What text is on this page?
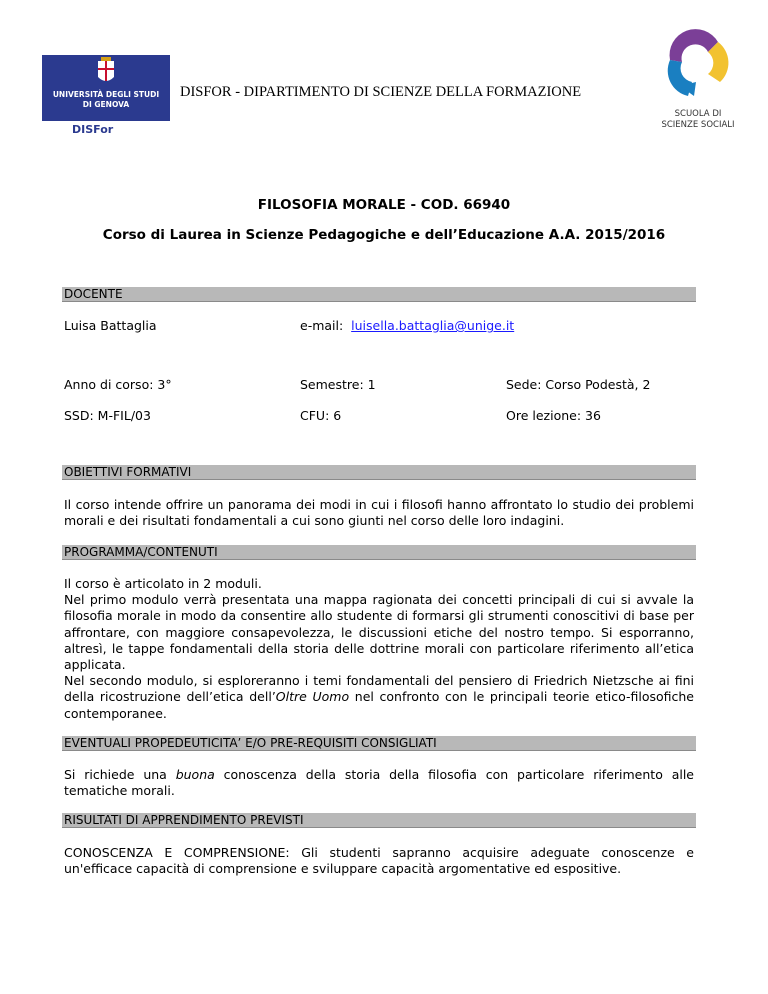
UNIVERSITÀ DEGLI STUDI
DI GENOVA
DISFor
DISFOR - DIPARTIMENTO DI SCIENZE DELLA FORMAZIONE
SCUOLA DI
SCIENZE SOCIALI
FILOSOFIA MORALE - COD. 66940
Corso di Laurea in Scienze Pedagogiche e dell’Educazione A.A. 2015/2016
DOCENTE
Luisa Battaglia	e-mail: luisella.battaglia@unige.it
Anno di corso: 3°	Semestre: 1	Sede: Corso Podestà, 2
SSD: M-FIL/03	CFU: 6	Ore lezione: 36
OBIETTIVI FORMATIVI

Il corso intende offrire un panorama dei modi in cui i filosofi hanno affrontato lo studio dei problemi morali e dei risultati fondamentali a cui sono giunti nel corso delle loro indagini.

PROGRAMMA/CONTENUTI
Il corso è articolato in 2 moduli.
Nel primo modulo verrà presentata una mappa ragionata dei concetti principali di cui si avvale la filosofia morale in modo da consentire allo studente di formarsi gli strumenti conoscitivi di base per affrontare, con maggiore consapevolezza, le discussioni etiche del nostro tempo. Si esporranno, altresì, le tappe fondamentali della storia delle dottrine morali con particolare riferimento all’etica applicata.
Nel secondo modulo, si esploreranno i temi fondamentali del pensiero di Friedrich Nietzsche ai fini della ricostruzione dell’etica dell’Oltre Uomo nel confronto con le principali teorie etico-filosofiche contemporanee.
EVENTUALI PROPEDEUTICITA’ E/O PRE-REQUISITI CONSIGLIATI

Si richiede una buona conoscenza della storia della filosofia con particolare riferimento alle tematiche morali.

RISULTATI DI APPRENDIMENTO PREVISTI

CONOSCENZA E COMPRENSIONE: Gli studenti sapranno acquisire adeguate conoscenze e un'efficace capacità di comprensione e sviluppare capacità argomentative ed espositive.
